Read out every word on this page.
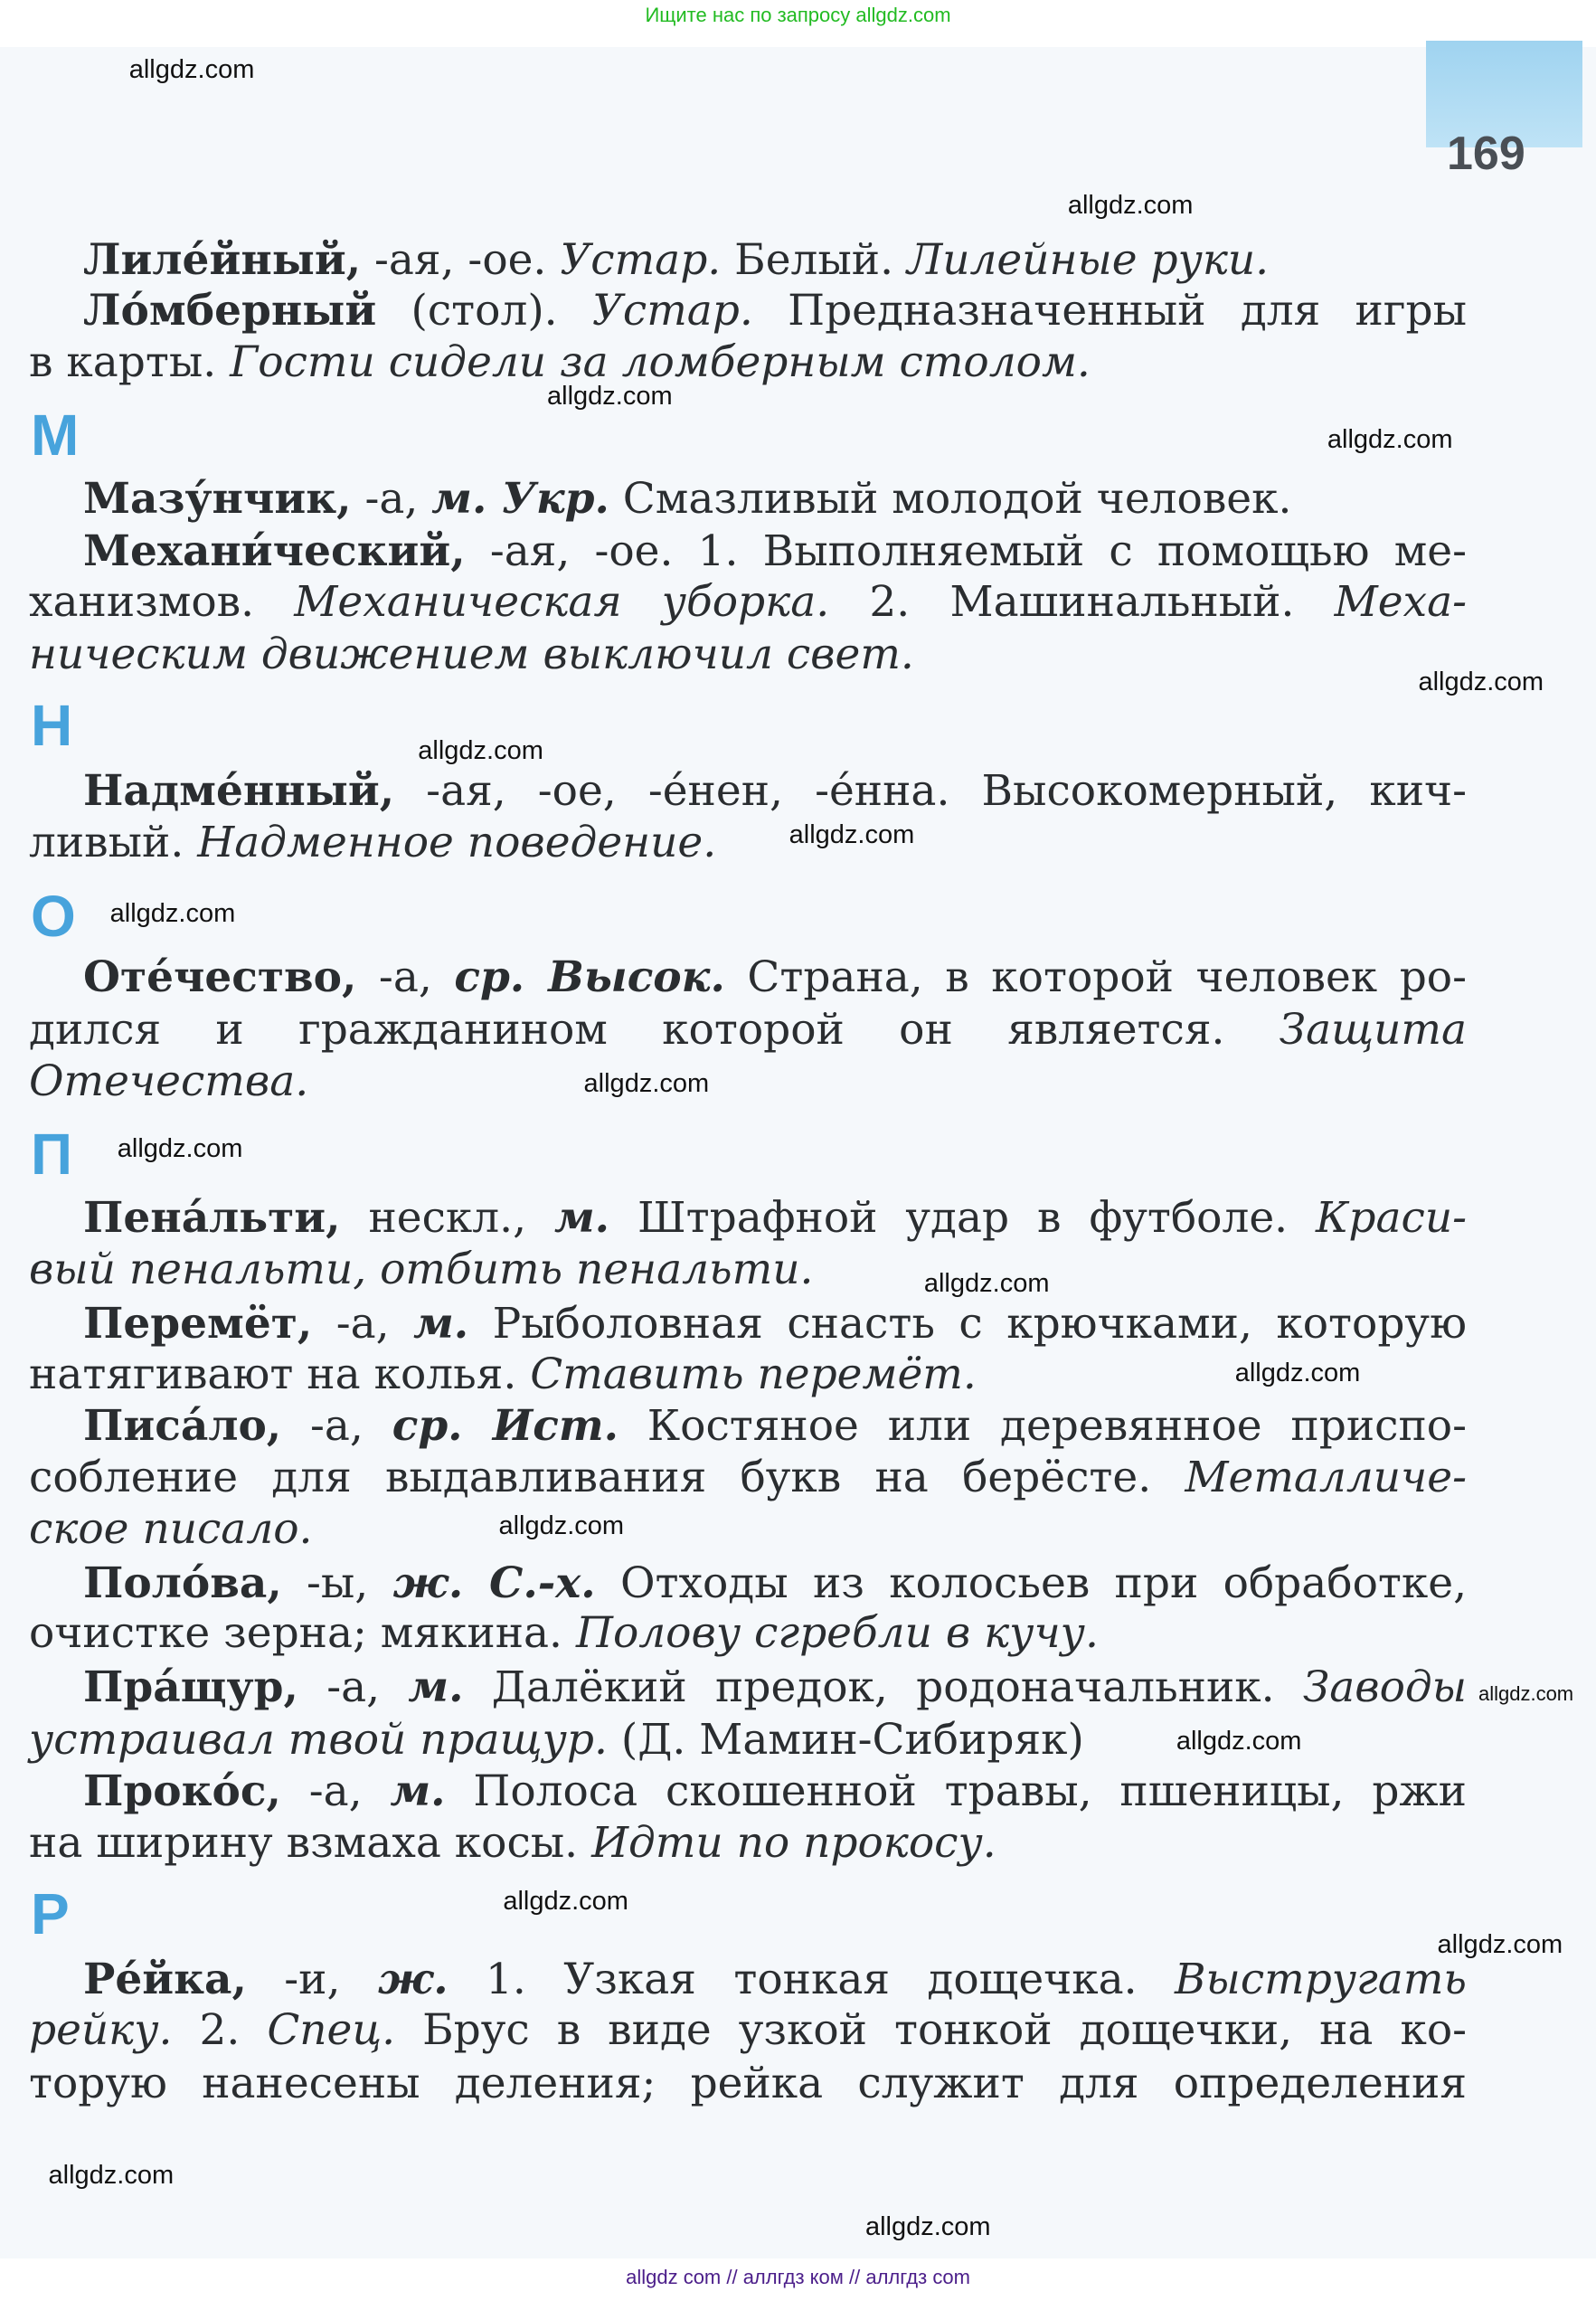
Ищите нас по запросу allgdz.com
169
Лиле́йный, -ая, -ое. Устар. Белый. Лилейные руки.
Ло́мберный (стол). Устар. Предназначенный для игры
в карты. Гости сидели за ломберным столом.
М
Мазу́нчик, -а, м. Укр. Смазливый молодой человек.
Механи́ческий, -ая, -ое. 1. Выполняемый с помощью ме-
ханизмов. Механическая уборка. 2. Машинальный. Меха-
ническим движением выключил свет.
Н
Надме́нный, -ая, -ое, -е́нен, -е́нна. Высокомерный, кич-
ливый. Надменное поведение.
О
Оте́чество, -а, ср. Высок. Страна, в которой человек ро-
дился и гражданином которой он является. Защита
Отечества.
П
Пена́льти, нескл., м. Штрафной удар в футболе. Краси-
вый пенальти, отбить пенальти.
Перемёт, -а, м. Рыболовная снасть с крючками, которую
натягивают на колья. Ставить перемёт.
Писа́ло, -а, ср. Ист. Костяное или деревянное приспо-
собление для выдавливания букв на берёсте. Металличе-
ское писало.
Поло́ва, -ы, ж. С.-х. Отходы из колосьев при обработке,
очистке зерна; мякина. Полову сгребли в кучу.
Пра́щур, -а, м. Далёкий предок, родоначальник. Заводы
устраивал твой пращур. (Д. Мамин-Сибиряк)
Проко́с, -а, м. Полоса скошенной травы, пшеницы, ржи
на ширину взмаха косы. Идти по прокосу.
Р
Ре́йка, -и, ж. 1. Узкая тонкая дощечка. Выстругать
рейку. 2. Спец. Брус в виде узкой тонкой дощечки, на ко-
торую нанесены деления; рейка служит для определения
allgdz.com
allgdz.com
allgdz.com
allgdz.com
allgdz.com
allgdz.com
allgdz.com
allgdz.com
allgdz.com
allgdz.com
allgdz.com
allgdz.com
allgdz.com
allgdz.com
allgdz.com
allgdz.com
allgdz.com
allgdz.com
allgdz.com
allgdz com // аллгдз ком // аллгдз com
